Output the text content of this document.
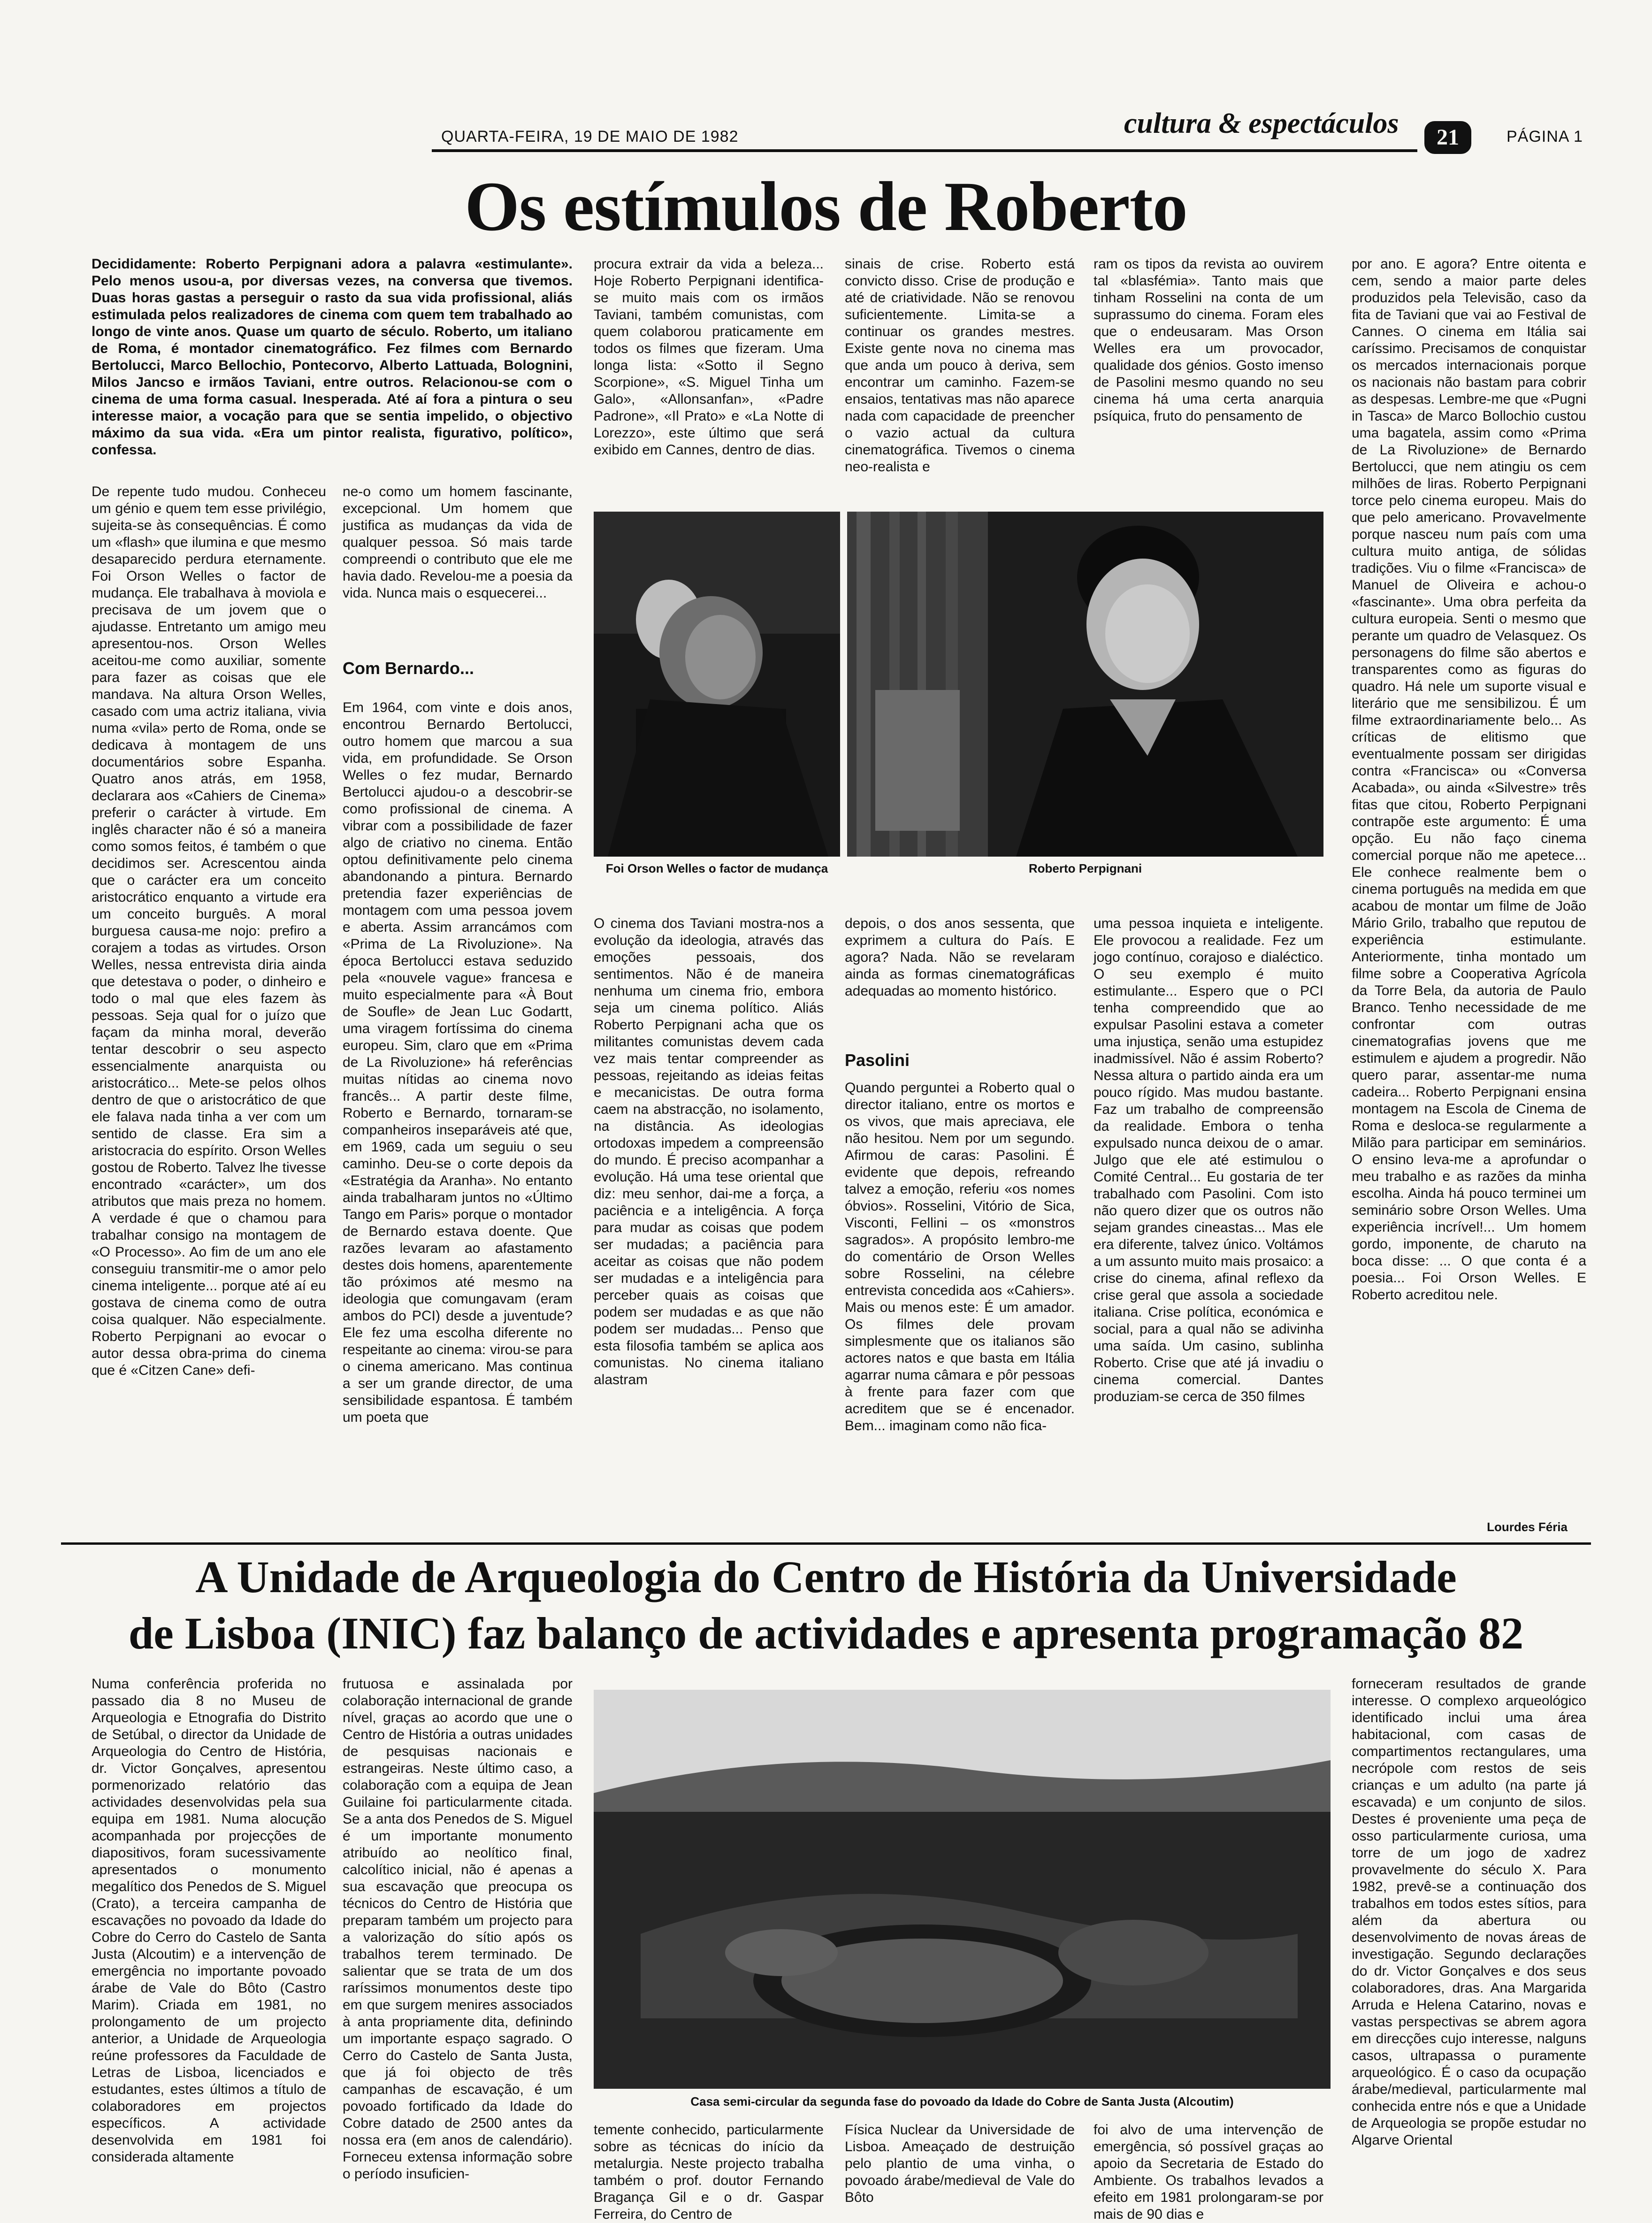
QUARTA-FEIRA, 19 DE MAIO DE 1982	cultura & espectáculos	21	PÁGINA 1
Os estímulos de Roberto
Decididamente: Roberto Perpignani adora a palavra «estimulante». Pelo menos usou-a, por diversas vezes, na conversa que tivemos. Duas horas gastas a perseguir o rasto da sua vida profissional, aliás estimulada pelos realizadores de cinema com quem tem trabalhado ao longo de vinte anos. Quase um quarto de século. Roberto, um italiano de Roma, é montador cinematográfico. Fez filmes com Bernardo Bertolucci, Marco Bellochio, Pontecorvo, Alberto Lattuada, Bolognini, Milos Jancso e irmãos Taviani, entre outros. Relacionou-se com o cinema de uma forma casual. Inesperada. Até aí fora a pintura o seu interesse maior, a vocação para que se sentia impelido, o objectivo máximo da sua vida. «Era um pintor realista, figurativo, político», confessa.
De repente tudo mudou. Conheceu um génio e quem tem esse privilégio, sujeita-se às consequências. É como um «flash» que ilumina e que mesmo desaparecido perdura eternamente. Foi Orson Welles o factor de mudança. Ele trabalhava à moviola e precisava de um jovem que o ajudasse. Entretanto um amigo meu apresentou-nos. Orson Welles aceitou-me como auxiliar, somente para fazer as coisas que ele mandava. Na altura Orson Welles, casado com uma actriz italiana, vivia numa «vila» perto de Roma, onde se dedicava à montagem de uns documentários sobre Espanha. Quatro anos atrás, em 1958, declarara aos «Cahiers de Cinema» preferir o carácter à virtude. Em inglês character não é só a maneira como somos feitos, é também o que decidimos ser. Acrescentou ainda que o carácter era um conceito aristocrático enquanto a virtude era um conceito burguês. A moral burguesa causa-me nojo: prefiro a corajem a todas as virtudes. Orson Welles, nessa entrevista diria ainda que detestava o poder, o dinheiro e todo o mal que eles fazem às pessoas. Seja qual for o juízo que façam da minha moral, deverão tentar descobrir o seu aspecto essencialmente anarquista ou aristocrático... Mete-se pelos olhos dentro de que o aristocrático de que ele falava nada tinha a ver com um sentido de classe. Era sim a aristocracia do espírito. Orson Welles gostou de Roberto. Talvez lhe tivesse encontrado «carácter», um dos atributos que mais preza no homem. A verdade é que o chamou para trabalhar consigo na montagem de «O Processo». Ao fim de um ano ele conseguiu transmitir-me o amor pelo cinema inteligente... porque até aí eu gostava de cinema como de outra coisa qualquer. Não especialmente. Roberto Perpignani ao evocar o autor dessa obra-prima do cinema que é «Citzen Cane» defi-
ne-o como um homem fascinante, excepcional. Um homem que justifica as mudanças da vida de qualquer pessoa. Só mais tarde compreendi o contributo que ele me havia dado. Revelou-me a poesia da vida. Nunca mais o esquecerei...
Com Bernardo...
Em 1964, com vinte e dois anos, encontrou Bernardo Bertolucci, outro homem que marcou a sua vida, em profundidade. Se Orson Welles o fez mudar, Bernardo Bertolucci ajudou-o a descobrir-se como profissional de cinema. A vibrar com a possibilidade de fazer algo de criativo no cinema. Então optou definitivamente pelo cinema abandonando a pintura. Bernardo pretendia fazer experiências de montagem com uma pessoa jovem e aberta. Assim arrancámos com «Prima de La Rivoluzione». Na época Bertolucci estava seduzido pela «nouvele vague» francesa e muito especialmente para «À Bout de Soufle» de Jean Luc Godartt, uma viragem fortíssima do cinema europeu. Sim, claro que em «Prima de La Rivoluzione» há referências muitas nítidas ao cinema novo francês... A partir deste filme, Roberto e Bernardo, tornaram-se companheiros inseparáveis até que, em 1969, cada um seguiu o seu caminho. Deu-se o corte depois da «Estratégia da Aranha». No entanto ainda trabalharam juntos no «Último Tango em Paris» porque o montador de Bernardo estava doente. Que razões levaram ao afastamento destes dois homens, aparentemente tão próximos até mesmo na ideologia que comungavam (eram ambos do PCI) desde a juventude? Ele fez uma escolha diferente no respeitante ao cinema: virou-se para o cinema americano. Mas continua a ser um grande director, de uma sensibilidade espantosa. É também um poeta que
procura extrair da vida a beleza... Hoje Roberto Perpignani identifica-se muito mais com os irmãos Taviani, também comunistas, com quem colaborou praticamente em todos os filmes que fizeram. Uma longa lista: «Sotto il Segno Scorpione», «S. Miguel Tinha um Galo», «Allonsanfan», «Padre Padrone», «Il Prato» e «La Notte di Lorezzo», este último que será exibido em Cannes, dentro de dias.
sinais de crise. Roberto está convicto disso. Crise de produção e até de criatividade. Não se renovou suficientemente. Limita-se a continuar os grandes mestres. Existe gente nova no cinema mas que anda um pouco à deriva, sem encontrar um caminho. Fazem-se ensaios, tentativas mas não aparece nada com capacidade de preencher o vazio actual da cultura cinematográfica. Tivemos o cinema neo-realista e
ram os tipos da revista ao ouvirem tal «blasfémia». Tanto mais que tinham Rosselini na conta de um suprassumo do cinema. Foram eles que o endeusaram. Mas Orson Welles era um provocador, qualidade dos génios. Gosto imenso de Pasolini mesmo quando no seu cinema há uma certa anarquia psíquica, fruto do pensamento de
por ano. E agora? Entre oitenta e cem, sendo a maior parte deles produzidos pela Televisão, caso da fita de Taviani que vai ao Festival de Cannes. O cinema em Itália sai caríssimo. Precisamos de conquistar os mercados internacionais porque os nacionais não bastam para cobrir as despesas. Lembre-me que «Pugni in Tasca» de Marco Bollochio custou uma bagatela, assim como «Prima de La Rivoluzione» de Bernardo Bertolucci, que nem atingiu os cem milhões de liras. Roberto Perpignani torce pelo cinema europeu. Mais do que pelo americano. Provavelmente porque nasceu num país com uma cultura muito antiga, de sólidas tradições. Viu o filme «Francisca» de Manuel de Oliveira e achou-o «fascinante». Uma obra perfeita da cultura europeia. Senti o mesmo que perante um quadro de Velasquez. Os personagens do filme são abertos e transparentes como as figuras do quadro. Há nele um suporte visual e literário que me sensibilizou. É um filme extraordinariamente belo... As críticas de elitismo que eventualmente possam ser dirigidas contra «Francisca» ou «Conversa Acabada», ou ainda «Silvestre» três fitas que citou, Roberto Perpignani contrapõe este argumento: É uma opção. Eu não faço cinema comercial porque não me apetece... Ele conhece realmente bem o cinema português na medida em que acabou de montar um filme de João Mário Grilo, trabalho que reputou de experiência estimulante. Anteriormente, tinha montado um filme sobre a Cooperativa Agrícola da Torre Bela, da autoria de Paulo Branco. Tenho necessidade de me confrontar com outras cinematografias jovens que me estimulem e ajudem a progredir. Não quero parar, assentar-me numa cadeira... Roberto Perpignani ensina montagem na Escola de Cinema de Roma e desloca-se regularmente a Milão para participar em seminários. O ensino leva-me a aprofundar o meu trabalho e as razões da minha escolha. Ainda há pouco terminei um seminário sobre Orson Welles. Uma experiência incrível!... Um homem gordo, imponente, de charuto na boca disse: ... O que conta é a poesia... Foi Orson Welles. E Roberto acreditou nele.
Foi Orson Welles o factor de mudança	Roberto Perpignani
O cinema dos Taviani mostra-nos a evolução da ideologia, através das emoções pessoais, dos sentimentos. Não é de maneira nenhuma um cinema frio, embora seja um cinema político. Aliás Roberto Perpignani acha que os militantes comunistas devem cada vez mais tentar compreender as pessoas, rejeitando as ideias feitas e mecanicistas. De outra forma caem na abstracção, no isolamento, na distância. As ideologias ortodoxas impedem a compreensão do mundo. É preciso acompanhar a evolução. Há uma tese oriental que diz: meu senhor, dai-me a força, a paciência e a inteligência. A força para mudar as coisas que podem ser mudadas; a paciência para aceitar as coisas que não podem ser mudadas e a inteligência para perceber quais as coisas que podem ser mudadas e as que não podem ser mudadas... Penso que esta filosofia também se aplica aos comunistas. No cinema italiano alastram
depois, o dos anos sessenta, que exprimem a cultura do País. E agora? Nada. Não se revelaram ainda as formas cinematográficas adequadas ao momento histórico.
Pasolini
Quando perguntei a Roberto qual o director italiano, entre os mortos e os vivos, que mais apreciava, ele não hesitou. Nem por um segundo. Afirmou de caras: Pasolini. É evidente que depois, refreando talvez a emoção, referiu «os nomes óbvios». Rosselini, Vitório de Sica, Visconti, Fellini – os «monstros sagrados». A propósito lembro-me do comentário de Orson Welles sobre Rosselini, na célebre entrevista concedida aos «Cahiers». Mais ou menos este: É um amador. Os filmes dele provam simplesmente que os italianos são actores natos e que basta em Itália agarrar numa câmara e pôr pessoas à frente para fazer com que acreditem que se é encenador. Bem... imaginam como não fica-
uma pessoa inquieta e inteligente. Ele provocou a realidade. Fez um jogo contínuo, corajoso e dialéctico. O seu exemplo é muito estimulante... Espero que o PCI tenha compreendido que ao expulsar Pasolini estava a cometer uma injustiça, senão uma estupidez inadmissível. Não é assim Roberto? Nessa altura o partido ainda era um pouco rígido. Mas mudou bastante. Faz um trabalho de compreensão da realidade. Embora o tenha expulsado nunca deixou de o amar. Julgo que ele até estimulou o Comité Central... Eu gostaria de ter trabalhado com Pasolini. Com isto não quero dizer que os outros não sejam grandes cineastas... Mas ele era diferente, talvez único. Voltámos a um assunto muito mais prosaico: a crise do cinema, afinal reflexo da crise geral que assola a sociedade italiana. Crise política, económica e social, para a qual não se adivinha uma saída. Um casino, sublinha Roberto. Crise que até já invadiu o cinema comercial. Dantes produziam-se cerca de 350 filmes
Lourdes Féria
A Unidade de Arqueologia do Centro de História da Universidade
de Lisboa (INIC) faz balanço de actividades e apresenta programação 82
Numa conferência proferida no passado dia 8 no Museu de Arqueologia e Etnografia do Distrito de Setúbal, o director da Unidade de Arqueologia do Centro de História, dr. Victor Gonçalves, apresentou pormenorizado relatório das actividades desenvolvidas pela sua equipa em 1981. Numa alocução acompanhada por projecções de diapositivos, foram sucessivamente apresentados o monumento megalítico dos Penedos de S. Miguel (Crato), a terceira campanha de escavações no povoado da Idade do Cobre do Cerro do Castelo de Santa Justa (Alcoutim) e a intervenção de emergência no importante povoado árabe de Vale do Bôto (Castro Marim). Criada em 1981, no prolongamento de um projecto anterior, a Unidade de Arqueologia reúne professores da Faculdade de Letras de Lisboa, licenciados e estudantes, estes últimos a título de colaboradores em projectos específicos. A actividade desenvolvida em 1981 foi considerada altamente
frutuosa e assinalada por colaboração internacional de grande nível, graças ao acordo que une o Centro de História a outras unidades de pesquisas nacionais e estrangeiras. Neste último caso, a colaboração com a equipa de Jean Guilaine foi particularmente citada. Se a anta dos Penedos de S. Miguel é um importante monumento atribuído ao neolítico final, calcolítico inicial, não é apenas a sua escavação que preocupa os técnicos do Centro de História que preparam também um projecto para a valorização do sítio após os trabalhos terem terminado. De salientar que se trata de um dos raríssimos monumentos deste tipo em que surgem menires associados à anta propriamente dita, definindo um importante espaço sagrado. O Cerro do Castelo de Santa Justa, que já foi objecto de três campanhas de escavação, é um povoado fortificado da Idade do Cobre datado de 2500 antes da nossa era (em anos de calendário). Forneceu extensa informação sobre o período insuficien-
Casa semi-circular da segunda fase do povoado da Idade do Cobre de Santa Justa (Alcoutim)
temente conhecido, particularmente sobre as técnicas do início da metalurgia. Neste projecto trabalha também o prof. doutor Fernando Bragança Gil e o dr. Gaspar Ferreira, do Centro de
Física Nuclear da Universidade de Lisboa. Ameaçado de destruição pelo plantio de uma vinha, o povoado árabe/medieval de Vale do Bôto
foi alvo de uma intervenção de emergência, só possível graças ao apoio da Secretaria de Estado do Ambiente. Os trabalhos levados a efeito em 1981 prolongaram-se por mais de 90 dias e
forneceram resultados de grande interesse. O complexo arqueológico identificado inclui uma área habitacional, com casas de compartimentos rectangulares, uma necrópole com restos de seis crianças e um adulto (na parte já escavada) e um conjunto de silos. Destes é proveniente uma peça de osso particularmente curiosa, uma torre de um jogo de xadrez provavelmente do século X. Para 1982, prevê-se a continuação dos trabalhos em todos estes sítios, para além da abertura ou desenvolvimento de novas áreas de investigação. Segundo declarações do dr. Victor Gonçalves e dos seus colaboradores, dras. Ana Margarida Arruda e Helena Catarino, novas e vastas perspectivas se abrem agora em direcções cujo interesse, nalguns casos, ultrapassa o puramente arqueológico. É o caso da ocupação árabe/medieval, particularmente mal conhecida entre nós e que a Unidade de Arqueologia se propõe estudar no Algarve Oriental
